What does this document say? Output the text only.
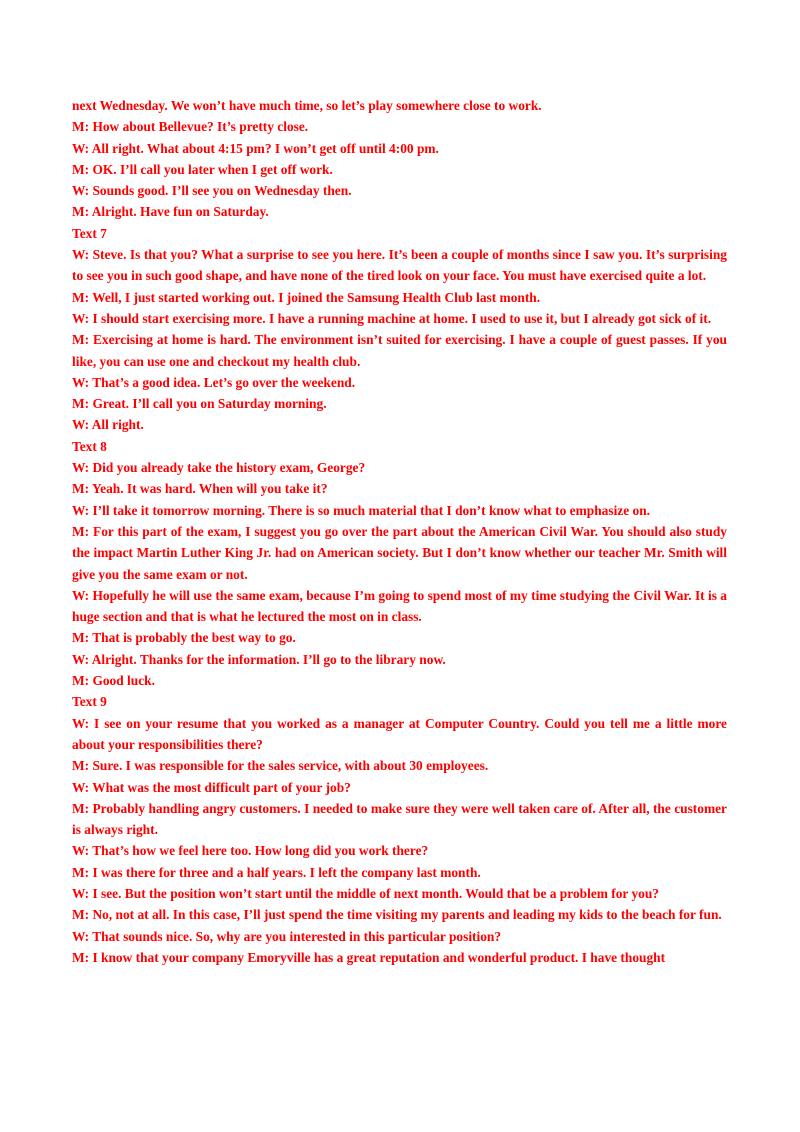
next Wednesday. We won’t have much time, so let’s play somewhere close to work.

M: How about Bellevue? It’s pretty close.

W: All right. What about 4:15 pm? I won’t get off until 4:00 pm.

M: OK. I’ll call you later when I get off work.

W: Sounds good. I’ll see you on Wednesday then.

M: Alright. Have fun on Saturday.

Text 7

W: Steve. Is that you? What a surprise to see you here. It’s been a couple of months since I saw you. It’s surprising to see you in such good shape, and have none of the tired look on your face. You must have exercised quite a lot.

M: Well, I just started working out. I joined the Samsung Health Club last month.

W: I should start exercising more. I have a running machine at home. I used to use it, but I already got sick of it.

M: Exercising at home is hard. The environment isn’t suited for exercising. I have a couple of guest passes. If you like, you can use one and checkout my health club.

W: That’s a good idea. Let’s go over the weekend.

M: Great. I’ll call you on Saturday morning.

W: All right.

Text 8

W: Did you already take the history exam, George?

M: Yeah. It was hard. When will you take it?

W: I’ll take it tomorrow morning. There is so much material that I don’t know what to emphasize on.

M: For this part of the exam, I suggest you go over the part about the American Civil War. You should also study the impact Martin Luther King Jr. had on American society. But I don’t know whether our teacher Mr. Smith will give you the same exam or not.

W: Hopefully he will use the same exam, because I’m going to spend most of my time studying the Civil War. It is a huge section and that is what he lectured the most on in class.

M: That is probably the best way to go.

W: Alright. Thanks for the information. I’ll go to the library now.

M: Good luck.

Text 9

W: I see on your resume that you worked as a manager at Computer Country. Could you tell me a little more about your responsibilities there?

M: Sure. I was responsible for the sales service, with about 30 employees.

W: What was the most difficult part of your job?

M: Probably handling angry customers. I needed to make sure they were well taken care of. After all, the customer is always right.

W: That’s how we feel here too. How long did you work there?

M: I was there for three and a half years. I left the company last month.

W: I see. But the position won’t start until the middle of next month. Would that be a problem for you?

M: No, not at all. In this case, I’ll just spend the time visiting my parents and leading my kids to the beach for fun.

W: That sounds nice. So, why are you interested in this particular position?

M: I know that your company Emoryville has a great reputation and wonderful product. I have thought
